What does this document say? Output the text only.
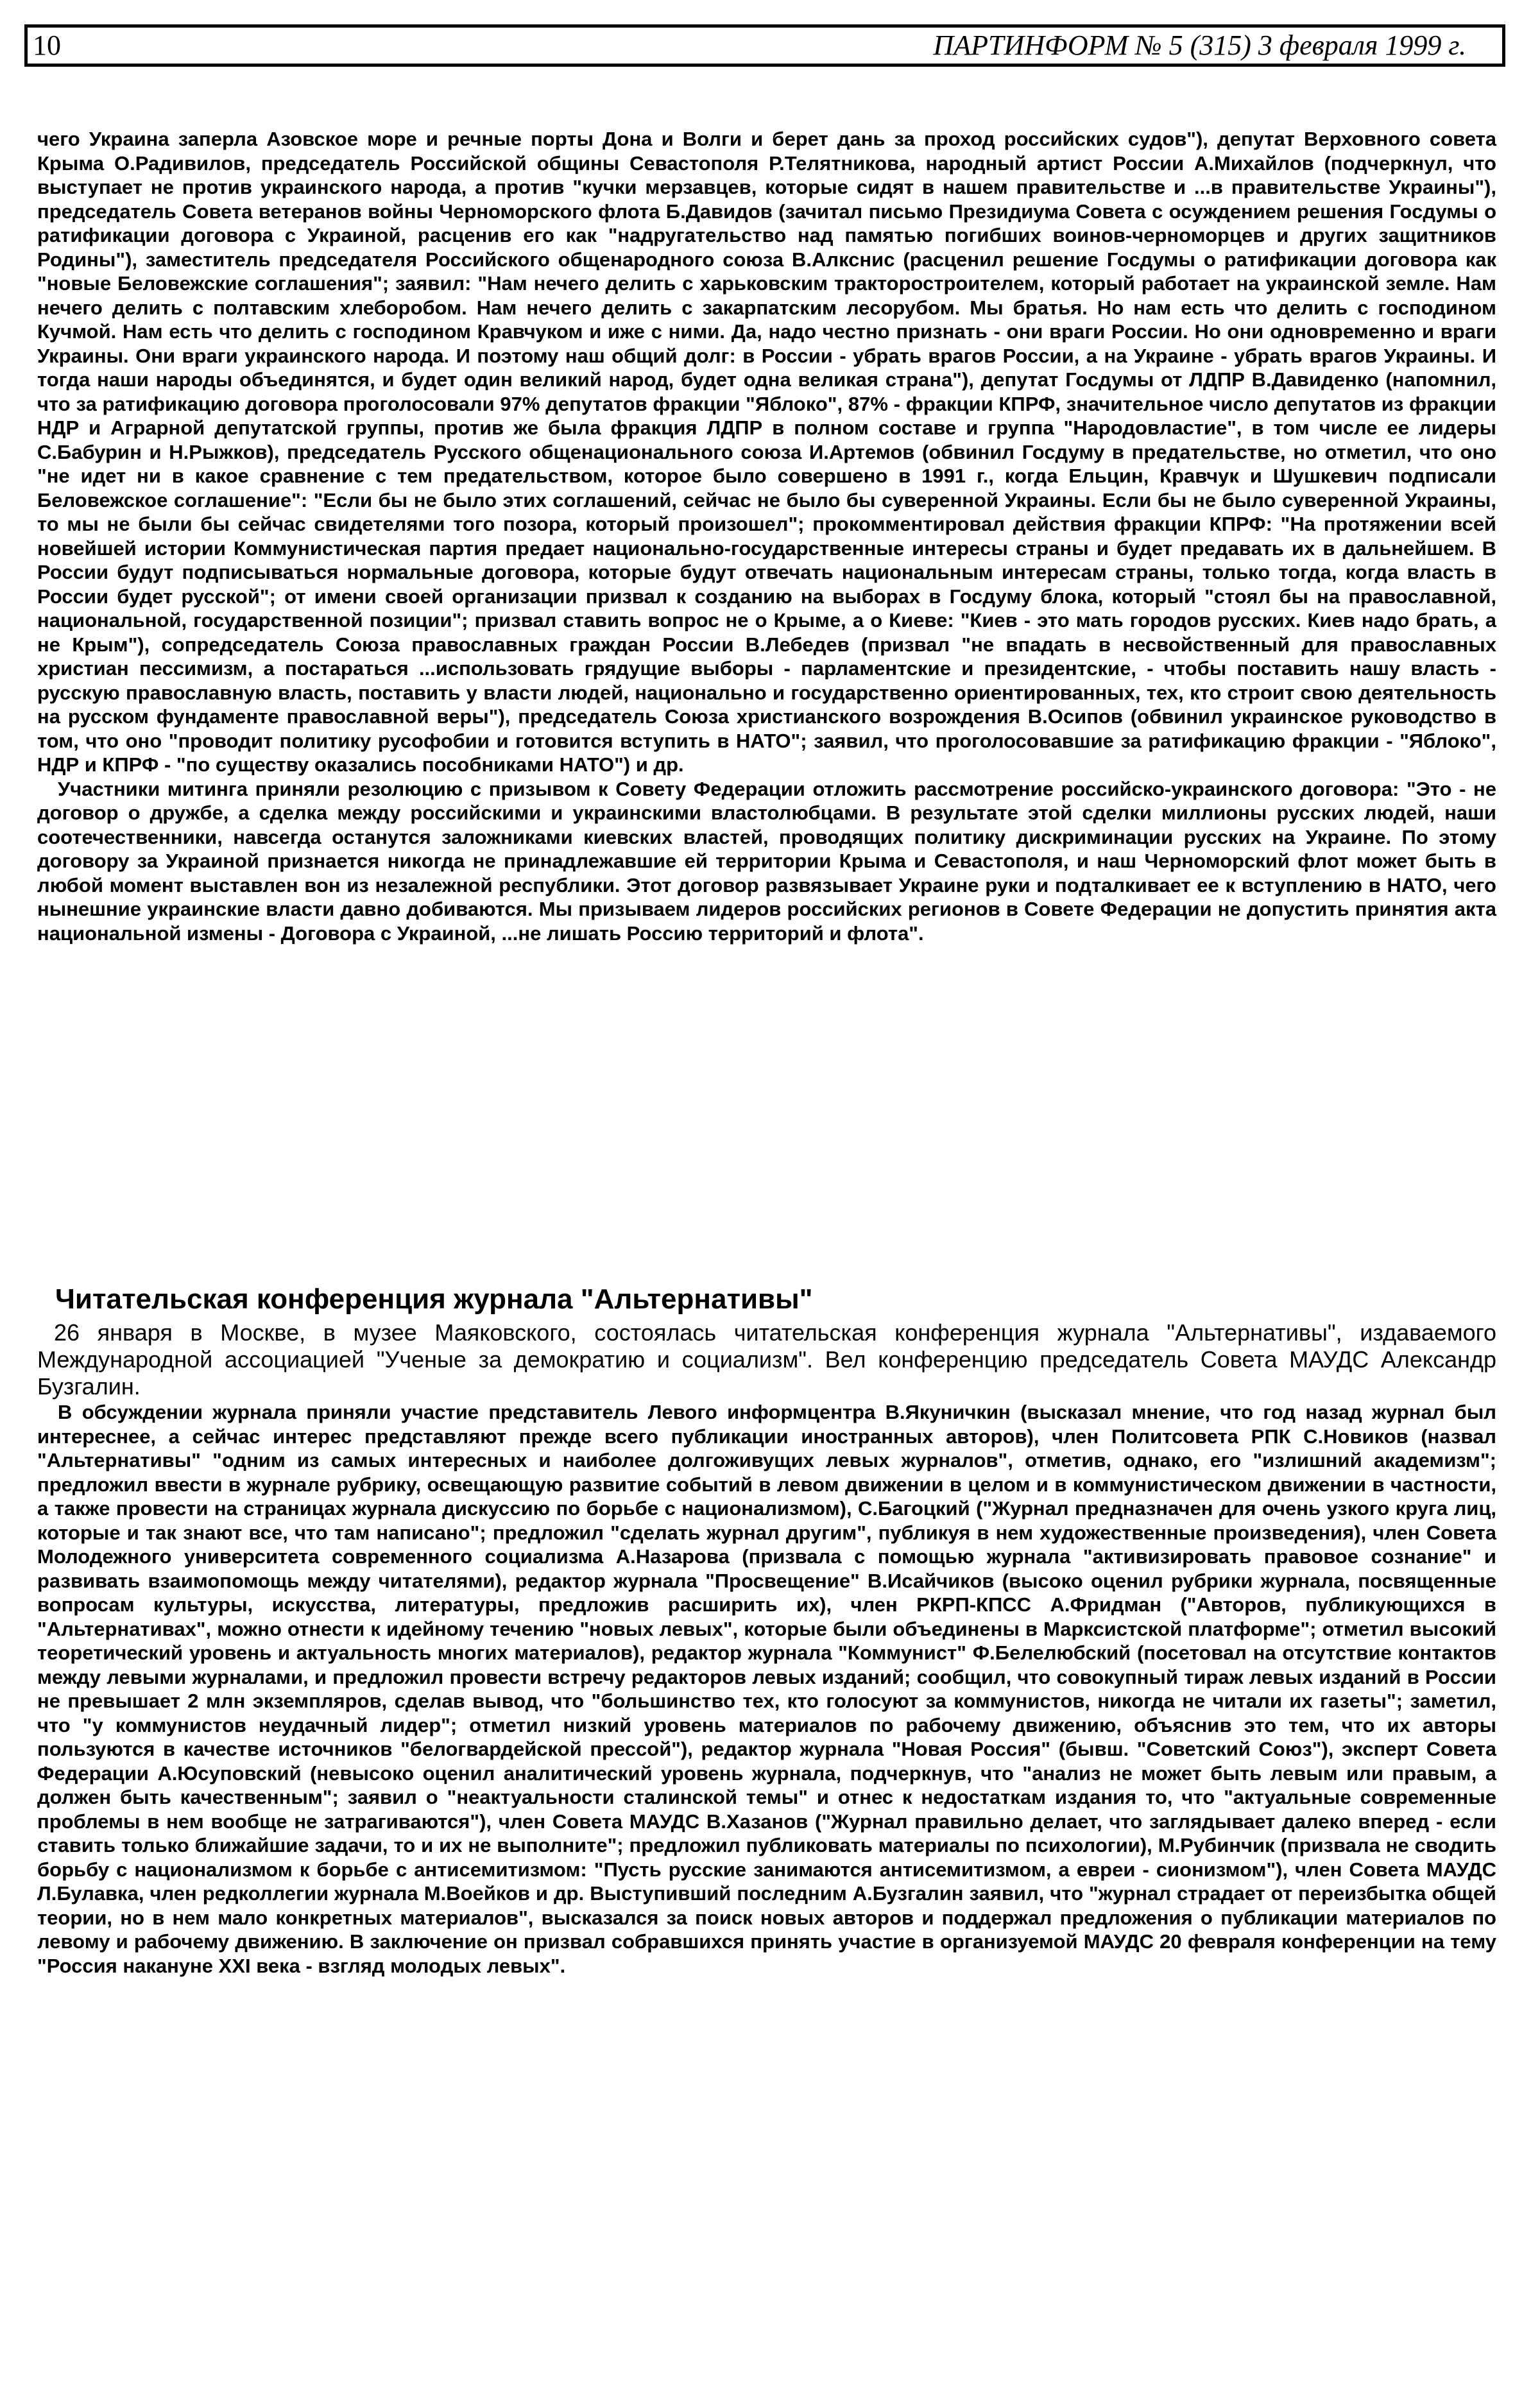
10	ПАРТИНФОРМ № 5 (315) 3 февраля 1999 г.

чего Украина заперла Азовское море и речные порты Дона и Волги и берет дань за проход российских судов"), депутат Верховного совета Крыма О.Радивилов, председатель Российской общины Севастополя Р.Телятникова, народный артист России А.Михайлов (подчеркнул, что выступает не против украинского народа, а против "кучки мерзавцев, которые сидят в нашем правительстве и ...в правительстве Украины"), председатель Совета ветеранов войны Черноморского флота Б.Давидов (зачитал письмо Президиума Совета с осуждением решения Госдумы о ратификации договора с Украиной, расценив его как "надругательство над памятью погибших воинов-черноморцев и других защитников Родины"), заместитель председателя Российского общенародного союза В.Алкснис (расценил решение Госдумы о ратификации договора как "новые Беловежские соглашения"; заявил: "Нам нечего делить с харьковским тракторостроителем, который работает на украинской земле. Нам нечего делить с полтавским хлеборобом. Нам нечего делить с закарпатским лесорубом. Мы братья. Но нам есть что делить с господином Кучмой. Нам есть что делить с господином Кравчуком и иже с ними. Да, надо честно признать - они враги России. Но они одновременно и враги Украины. Они враги украинского народа. И поэтому наш общий долг: в России - убрать врагов России, а на Украине - убрать врагов Украины. И тогда наши народы объединятся, и будет один великий народ, будет одна великая страна"), депутат Госдумы от ЛДПР В.Давиденко (напомнил, что за ратификацию договора проголосовали 97% депутатов фракции "Яблоко", 87% - фракции КПРФ, значительное число депутатов из фракции НДР и Аграрной депутатской группы, против же была фракция ЛДПР в полном составе и группа "Народовластие", в том числе ее лидеры С.Бабурин и Н.Рыжков), председатель Русского общенационального союза И.Артемов (обвинил Госдуму в предательстве, но отметил, что оно "не идет ни в какое сравнение с тем предательством, которое было совершено в 1991 г., когда Ельцин, Кравчук и Шушкевич подписали Беловежское соглашение": "Если бы не было этих соглашений, сейчас не было бы суверенной Украины. Если бы не было суверенной Украины, то мы не были бы сейчас свидетелями того позора, который произошел"; прокомментировал действия фракции КПРФ: "На протяжении всей новейшей истории Коммунистическая партия предает национально-государственные интересы страны и будет предавать их в дальнейшем. В России будут подписываться нормальные договора, которые будут отвечать национальным интересам страны, только тогда, когда власть в России будет русской"; от имени своей организации призвал к созданию на выборах в Госдуму блока, который "стоял бы на православной, национальной, государственной позиции"; призвал ставить вопрос не о Крыме, а о Киеве: "Киев - это мать городов русских. Киев надо брать, а не Крым"), сопредседатель Союза православных граждан России В.Лебедев (призвал "не впадать в несвойственный для православных христиан пессимизм, а постараться ...использовать грядущие выборы - парламентские и президентские, - чтобы поставить нашу власть - русскую православную власть, поставить у власти людей, национально и государственно ориентированных, тех, кто строит свою деятельность на русском фундаменте православной веры"), председатель Союза христианского возрождения В.Осипов (обвинил украинское руководство в том, что оно "проводит политику русофобии и готовится вступить в НАТО"; заявил, что проголосовавшие за ратификацию фракции - "Яблоко", НДР и КПРФ - "по существу оказались пособниками НАТО") и др.

Участники митинга приняли резолюцию с призывом к Совету Федерации отложить рассмотрение российско-украинского договора: "Это - не договор о дружбе, а сделка между российскими и украинскими властолюбцами. В результате этой сделки миллионы русских людей, наши соотечественники, навсегда останутся заложниками киевских властей, проводящих политику дискриминации русских на Украине. По этому договору за Украиной признается никогда не принадлежавшие ей территории Крыма и Севастополя, и наш Черноморский флот может быть в любой момент выставлен вон из незалежной республики. Этот договор развязывает Украине руки и подталкивает ее к вступлению в НАТО, чего нынешние украинские власти давно добиваются. Мы призываем лидеров российских регионов в Совете Федерации не допустить принятия акта национальной измены - Договора с Украиной, ...не лишать Россию территорий и флота".

Читательская конференция журнала "Альтернативы"

26 января в Москве, в музее Маяковского, состоялась читательская конференция журнала "Альтернативы", издаваемого Международной ассоциацией "Ученые за демократию и социализм". Вел конференцию председатель Совета МАУДС Александр Бузгалин.

В обсуждении журнала приняли участие представитель Левого информцентра В.Якуничкин (высказал мнение, что год назад журнал был интереснее, а сейчас интерес представляют прежде всего публикации иностранных авторов), член Политсовета РПК С.Новиков (назвал "Альтернативы" "одним из самых интересных и наиболее долгоживущих левых журналов", отметив, однако, его "излишний академизм"; предложил ввести в журнале рубрику, освещающую развитие событий в левом движении в целом и в коммунистическом движении в частности, а также провести на страницах журнала дискуссию по борьбе с национализмом), С.Багоцкий ("Журнал предназначен для очень узкого круга лиц, которые и так знают все, что там написано"; предложил "сделать журнал другим", публикуя в нем художественные произведения), член Совета Молодежного университета современного социализма А.Назарова (призвала с помощью журнала "активизировать правовое сознание" и развивать взаимопомощь между читателями), редактор журнала "Просвещение" В.Исайчиков (высоко оценил рубрики журнала, посвященные вопросам культуры, искусства, литературы, предложив расширить их), член РКРП-КПСС А.Фридман ("Авторов, публикующихся в "Альтернативах", можно отнести к идейному течению "новых левых", которые были объединены в Марксистской платформе"; отметил высокий теоретический уровень и актуальность многих материалов), редактор журнала "Коммунист" Ф.Белелюбский (посетовал на отсутствие контактов между левыми журналами, и предложил провести встречу редакторов левых изданий; сообщил, что совокупный тираж левых изданий в России не превышает 2 млн экземпляров, сделав вывод, что "большинство тех, кто голосуют за коммунистов, никогда не читали их газеты"; заметил, что "у коммунистов неудачный лидер"; отметил низкий уровень материалов по рабочему движению, объяснив это тем, что их авторы пользуются в качестве источников "белогвардейской прессой"), редактор журнала "Новая Россия" (бывш. "Советский Союз"), эксперт Совета Федерации А.Юсуповский (невысоко оценил аналитический уровень журнала, подчеркнув, что "анализ не может быть левым или правым, а должен быть качественным"; заявил о "неактуальности сталинской темы" и отнес к недостаткам издания то, что "актуальные современные проблемы в нем вообще не затрагиваются"), член Совета МАУДС В.Хазанов ("Журнал правильно делает, что заглядывает далеко вперед - если ставить только ближайшие задачи, то и их не выполните"; предложил публиковать материалы по психологии), М.Рубинчик (призвала не сводить борьбу с национализмом к борьбе с антисемитизмом: "Пусть русские занимаются антисемитизмом, а евреи - сионизмом"), член Совета МАУДС Л.Булавка, член редколлегии журнала М.Воейков и др. Выступивший последним А.Бузгалин заявил, что "журнал страдает от переизбытка общей теории, но в нем мало конкретных материалов", высказался за поиск новых авторов и поддержал предложения о публикации материалов по левому и рабочему движению. В заключение он призвал собравшихся принять участие в организуемой МАУДС 20 февраля конференции на тему "Россия накануне XXI века - взгляд молодых левых".
